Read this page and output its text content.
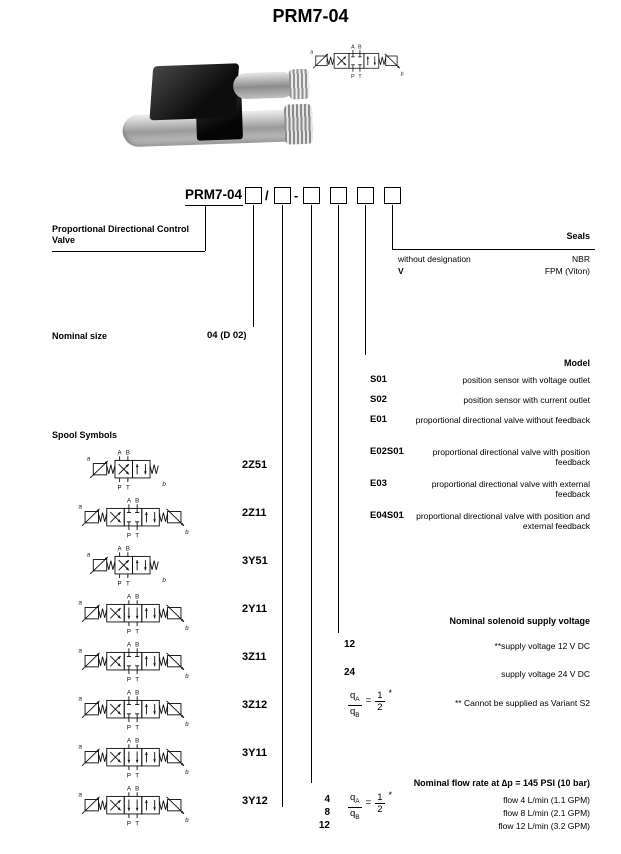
PRM7-04
A B
P T
a
b
PRM7-04 / -
Proportional Directional Control
Valve
Nominal size	04 (D 02)
Spool Symbols
Seals
without designation	NBR
V	FPM (Viton)
Model
S01	position sensor with voltage outlet
S02	position sensor with current outlet
E01	proportional directional valve without feedback
E02S01	proportional directional valve with position feedback
E03	proportional directional valve with external feedback
E04S01 proportional directional valve with position and external feedback
Nominal solenoid supply voltage
12	**supply voltage 12 V DC
24	supply voltage 24 V DC
** Cannot be supplied as Variant S2
Nominal flow rate at ∆p = 145 PSI (10 bar)
4	flow 4 L/min (1.1 GPM)
8	flow 8 L/min (2.1 GPM)
12	flow 12 L/min (3.2 GPM)
A B
P T
a
b
2Z51
A B
P T
a
b
2Z11
A B
P T
a
b
3Y51
A B
P T
a
b
2Y11
A B
P T
a
b
3Z11
A B
P T
a
b
3Z12
A B
P T
a
b
3Y11
A B
P T
a
b
3Y12
$\frac{q_A}{q_B} = \frac{1}{2}$ *
$\frac{q_A}{q_B} = \frac{1}{2}$ *
